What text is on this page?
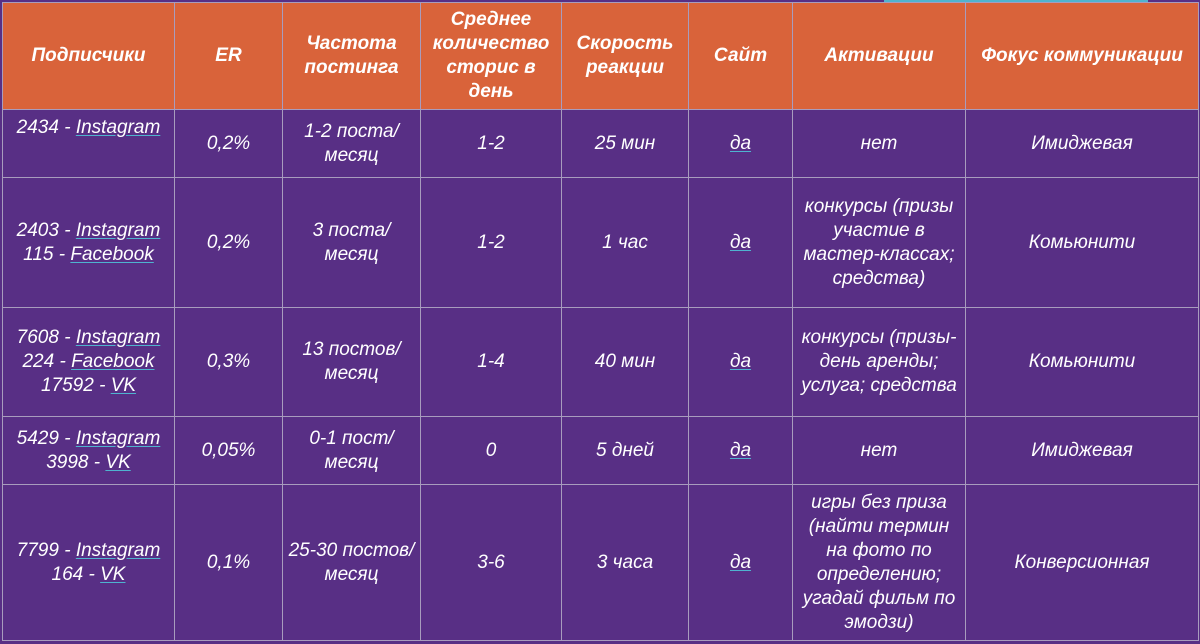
Подписчики	ER	Частота постинга	Среднее количество сторис в день	Скорость реакции	Сайт	Активации	Фокус коммуникации

2434 - Instagram	0,2%	1-2 поста/ месяц	1-2	25 мин	да	нет	Имиджевая

2403 - Instagram
115 - Facebook	0,2%	3 поста/ месяц	1-2	1 час	да	конкурсы (призы участие в мастер-классах; средства)	Комьюнити

7608 - Instagram
224 - Facebook
17592 - VK	0,3%	13 постов/ месяц	1-4	40 мин	да	конкурсы (призы-день аренды; услуга; средства	Комьюнити

5429 - Instagram
3998 - VK	0,05%	0-1 пост/ месяц	0	5 дней	да	нет	Имиджевая

7799 - Instagram
164 - VK	0,1%	25-30 постов/ месяц	3-6	3 часа	да	игры без приза (найти термин на фото по определению; угадай фильм по эмодзи)	Конверсионная
